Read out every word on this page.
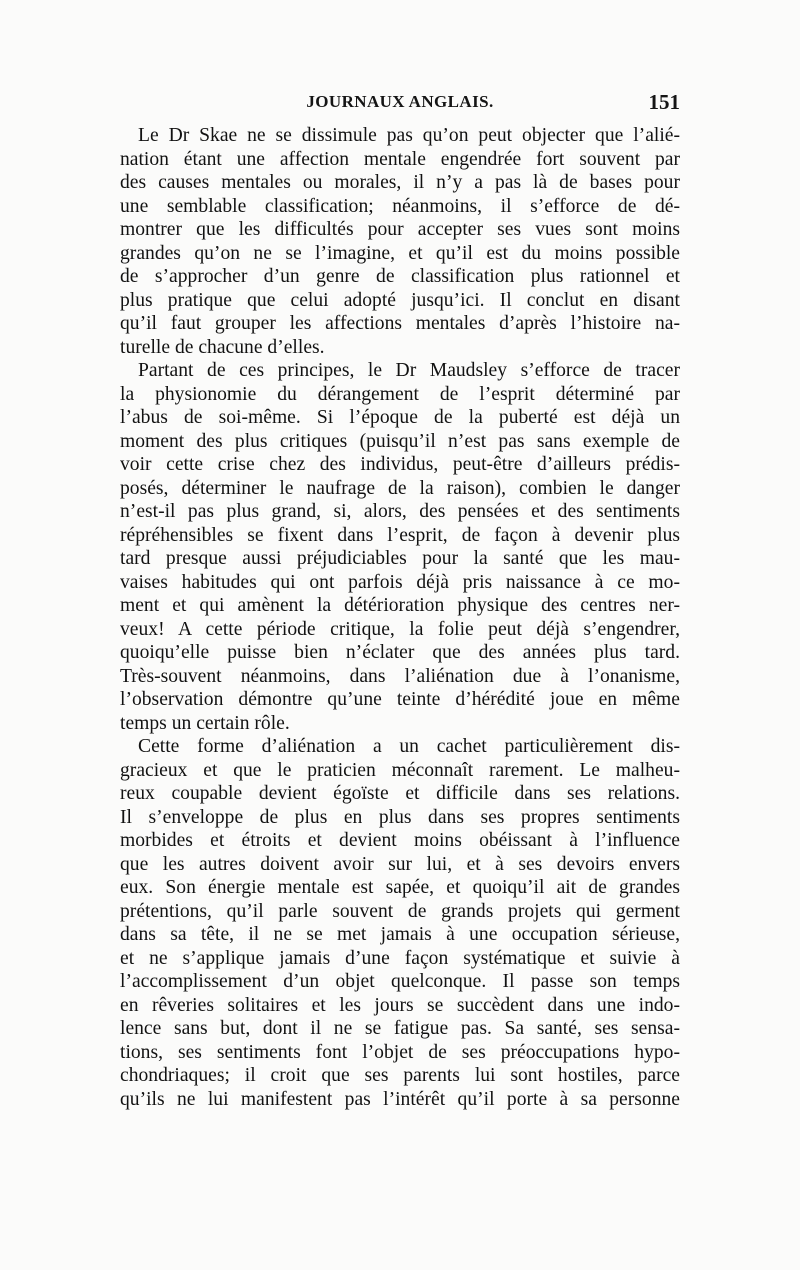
JOURNAUX ANGLAIS.	151
Le Dr Skae ne se dissimule pas qu’on peut objecter que l’alié-
nation étant une affection mentale engendrée fort souvent par
des causes mentales ou morales, il n’y a pas là de bases pour
une semblable classification; néanmoins, il s’efforce de dé-
montrer que les difficultés pour accepter ses vues sont moins
grandes qu’on ne se l’imagine, et qu’il est du moins possible
de s’approcher d’un genre de classification plus rationnel et
plus pratique que celui adopté jusqu’ici. Il conclut en disant
qu’il faut grouper les affections mentales d’après l’histoire na-
turelle de chacune d’elles.
Partant de ces principes, le Dr Maudsley s’efforce de tracer
la physionomie du dérangement de l’esprit déterminé par
l’abus de soi-même. Si l’époque de la puberté est déjà un
moment des plus critiques (puisqu’il n’est pas sans exemple de
voir cette crise chez des individus, peut-être d’ailleurs prédis-
posés, déterminer le naufrage de la raison), combien le danger
n’est-il pas plus grand, si, alors, des pensées et des sentiments
répréhensibles se fixent dans l’esprit, de façon à devenir plus
tard presque aussi préjudiciables pour la santé que les mau-
vaises habitudes qui ont parfois déjà pris naissance à ce mo-
ment et qui amènent la détérioration physique des centres ner-
veux! A cette période critique, la folie peut déjà s’engendrer,
quoiqu’elle puisse bien n’éclater que des années plus tard.
Très-souvent néanmoins, dans l’aliénation due à l’onanisme,
l’observation démontre qu’une teinte d’hérédité joue en même
temps un certain rôle.
Cette forme d’aliénation a un cachet particulièrement dis-
gracieux et que le praticien méconnaît rarement. Le malheu-
reux coupable devient égoïste et difficile dans ses relations.
Il s’enveloppe de plus en plus dans ses propres sentiments
morbides et étroits et devient moins obéissant à l’influence
que les autres doivent avoir sur lui, et à ses devoirs envers
eux. Son énergie mentale est sapée, et quoiqu’il ait de grandes
prétentions, qu’il parle souvent de grands projets qui germent
dans sa tête, il ne se met jamais à une occupation sérieuse,
et ne s’applique jamais d’une façon systématique et suivie à
l’accomplissement d’un objet quelconque. Il passe son temps
en rêveries solitaires et les jours se succèdent dans une indo-
lence sans but, dont il ne se fatigue pas. Sa santé, ses sensa-
tions, ses sentiments font l’objet de ses préoccupations hypo-
chondriaques; il croit que ses parents lui sont hostiles, parce
qu’ils ne lui manifestent pas l’intérêt qu’il porte à sa personne
